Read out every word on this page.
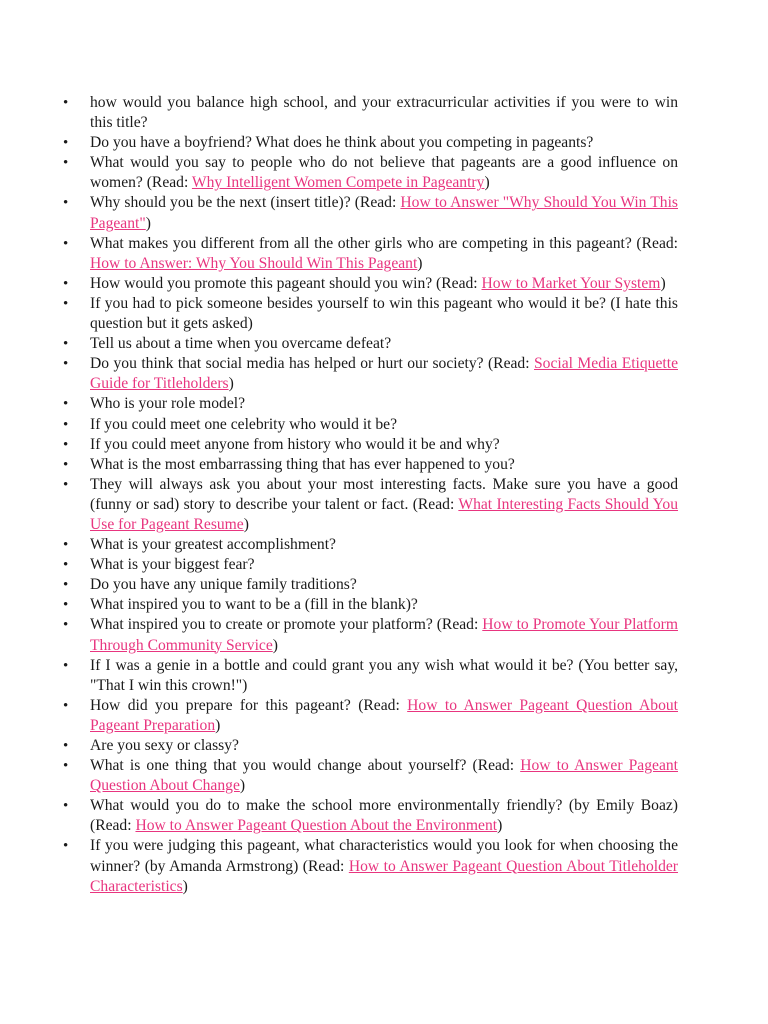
• how would you balance high school, and your extracurricular activities if you were to win this title?
• Do you have a boyfriend? What does he think about you competing in pageants?
• What would you say to people who do not believe that pageants are a good influence on women? (Read: Why Intelligent Women Compete in Pageantry)
• Why should you be the next (insert title)? (Read: How to Answer "Why Should You Win This Pageant")
• What makes you different from all the other girls who are competing in this pageant? (Read: How to Answer: Why You Should Win This Pageant)
• How would you promote this pageant should you win? (Read: How to Market Your System)
• If you had to pick someone besides yourself to win this pageant who would it be? (I hate this question but it gets asked)
• Tell us about a time when you overcame defeat?
• Do you think that social media has helped or hurt our society? (Read: Social Media Etiquette Guide for Titleholders)
• Who is your role model?
• If you could meet one celebrity who would it be?
• If you could meet anyone from history who would it be and why?
• What is the most embarrassing thing that has ever happened to you?
• They will always ask you about your most interesting facts. Make sure you have a good (funny or sad) story to describe your talent or fact. (Read: What Interesting Facts Should You Use for Pageant Resume)
• What is your greatest accomplishment?
• What is your biggest fear?
• Do you have any unique family traditions?
• What inspired you to want to be a (fill in the blank)?
• What inspired you to create or promote your platform? (Read: How to Promote Your Platform Through Community Service)
• If I was a genie in a bottle and could grant you any wish what would it be? (You better say, "That I win this crown!")
• How did you prepare for this pageant? (Read: How to Answer Pageant Question About Pageant Preparation)
• Are you sexy or classy?
• What is one thing that you would change about yourself? (Read: How to Answer Pageant Question About Change)
• What would you do to make the school more environmentally friendly? (by Emily Boaz) (Read: How to Answer Pageant Question About the Environment)
• If you were judging this pageant, what characteristics would you look for when choosing the winner? (by Amanda Armstrong) (Read: How to Answer Pageant Question About Titleholder Characteristics)
